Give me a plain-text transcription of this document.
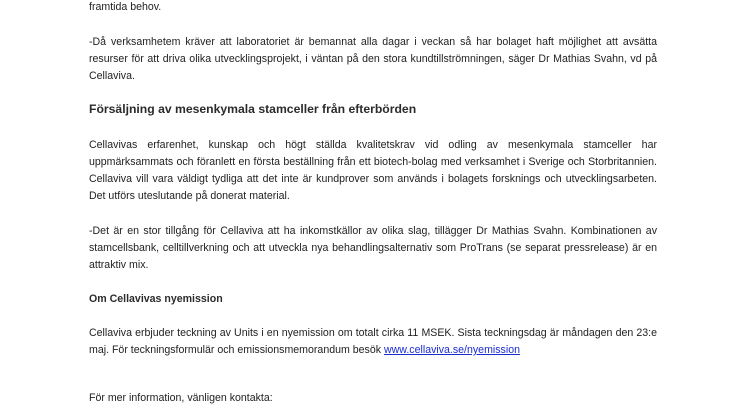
framtida behov.

-Då verksamhetem kräver att laboratoriet är bemannat alla dagar i veckan så har bolaget haft möjlighet att avsätta resurser för att driva olika utvecklingsprojekt, i väntan på den stora kundtillströmningen, säger Dr Mathias Svahn, vd på Cellaviva.

Försäljning av mesenkymala stamceller från efterbörden

Cellavivas erfarenhet, kunskap och högt ställda kvalitetskrav vid odling av mesenkymala stamceller har uppmärksammats och föranlett en första beställning från ett biotech-bolag med verksamhet i Sverige och Storbritannien. Cellaviva vill vara väldigt tydliga att det inte är kundprover som används i bolagets forsknings och utvecklingsarbeten. Det utförs uteslutande på donerat material.

-Det är en stor tillgång för Cellaviva att ha inkomstkällor av olika slag, tillägger Dr Mathias Svahn. Kombinationen av stamcellsbank, celltillverkning och att utveckla nya behandlingsalternativ som ProTrans (se separat pressrelease) är en attraktiv mix.

Om Cellavivas nyemission

Cellaviva erbjuder teckning av Units i en nyemission om totalt cirka 11 MSEK. Sista teckningsdag är måndagen den 23:e maj. För teckningsformulär och emissionsmemorandum besök www.cellaviva.se/nyemission

För mer information, vänligen kontakta:
